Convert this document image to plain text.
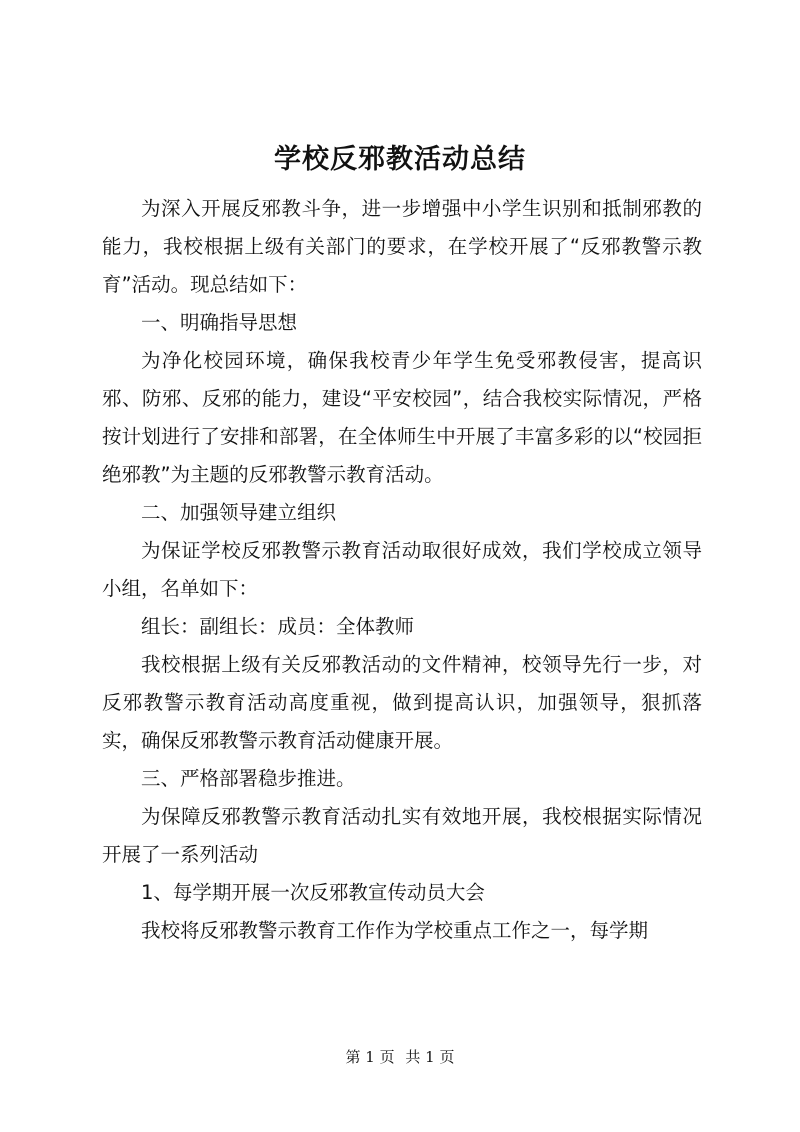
学校反邪教活动总结

为深入开展反邪教斗争，进一步增强中小学生识别和抵制邪教的能力，我校根据上级有关部门的要求，在学校开展了“反邪教警示教育”活动。现总结如下：

一、明确指导思想

为净化校园环境，确保我校青少年学生免受邪教侵害，提高识邪、防邪、反邪的能力，建设“平安校园”，结合我校实际情况，严格按计划进行了安排和部署，在全体师生中开展了丰富多彩的以“校园拒绝邪教”为主题的反邪教警示教育活动。

二、加强领导建立组织

为保证学校反邪教警示教育活动取很好成效，我们学校成立领导小组，名单如下：

组长：副组长：成员：全体教师

我校根据上级有关反邪教活动的文件精神，校领导先行一步，对反邪教警示教育活动高度重视，做到提高认识，加强领导，狠抓落实，确保反邪教警示教育活动健康开展。

三、严格部署稳步推进。

为保障反邪教警示教育活动扎实有效地开展，我校根据实际情况开展了一系列活动

1、每学期开展一次反邪教宣传动员大会

我校将反邪教警示教育工作作为学校重点工作之一，每学期

第 1 页 共 1 页
